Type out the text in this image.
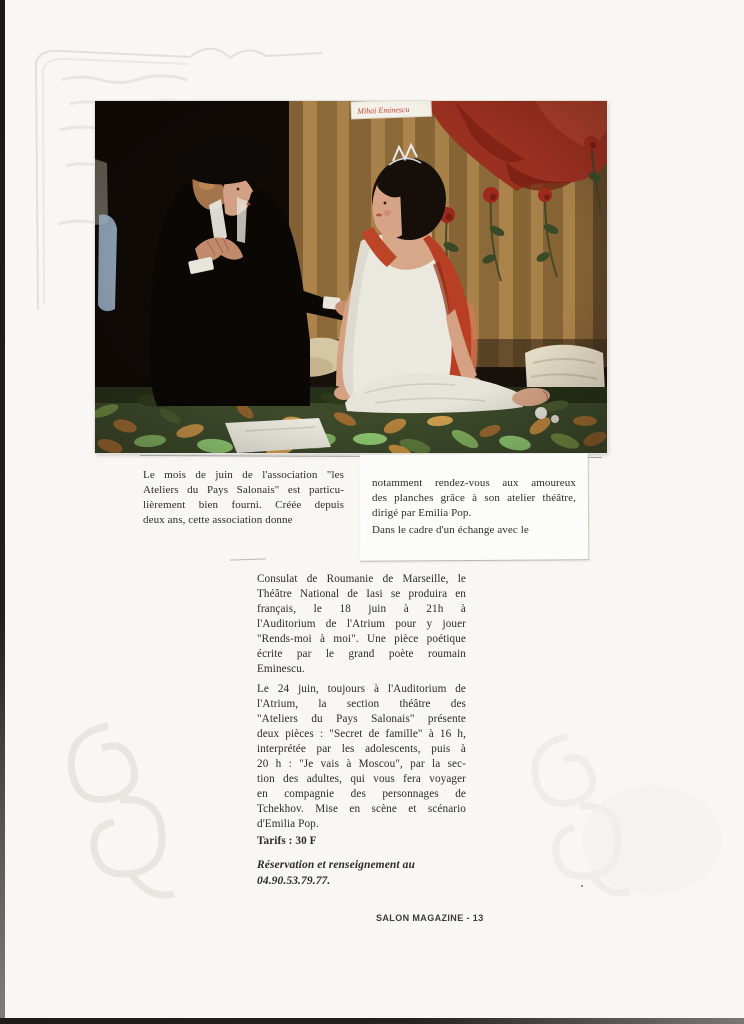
Le mois de juin de l'association "les
Ateliers du Pays Salonais" est particu-
lièrement bien fourni. Créée depuis
deux ans, cette association donne
notamment rendez-vous aux amoureux
des planches grâce à son atelier théâtre,
dirigé par Emilia Pop.
Dans le cadre d'un échange avec le
Consulat de Roumanie de Marseille, le
Théâtre National de Iasi se produira en
français, le 18 juin à 21h à
l'Auditorium de l'Atrium pour y jouer
"Rends-moi à moi". Une pièce poétique
écrite par le grand poète roumain
Eminescu.
Le 24 juin, toujours à l'Auditorium de
l'Atrium, la section théâtre des
"Ateliers du Pays Salonais" présente
deux pièces : "Secret de famille" à 16 h,
interprétée par les adolescents, puis à
20 h : "Je vais à Moscou", par la sec-
tion des adultes, qui vous fera voyager
en compagnie des personnages de
Tchekhov. Mise en scène et scénario
d'Emilia Pop.
Tarifs : 30 F
Réservation et renseignement au
04.90.53.79.77.
SALON MAGAZINE - 13
